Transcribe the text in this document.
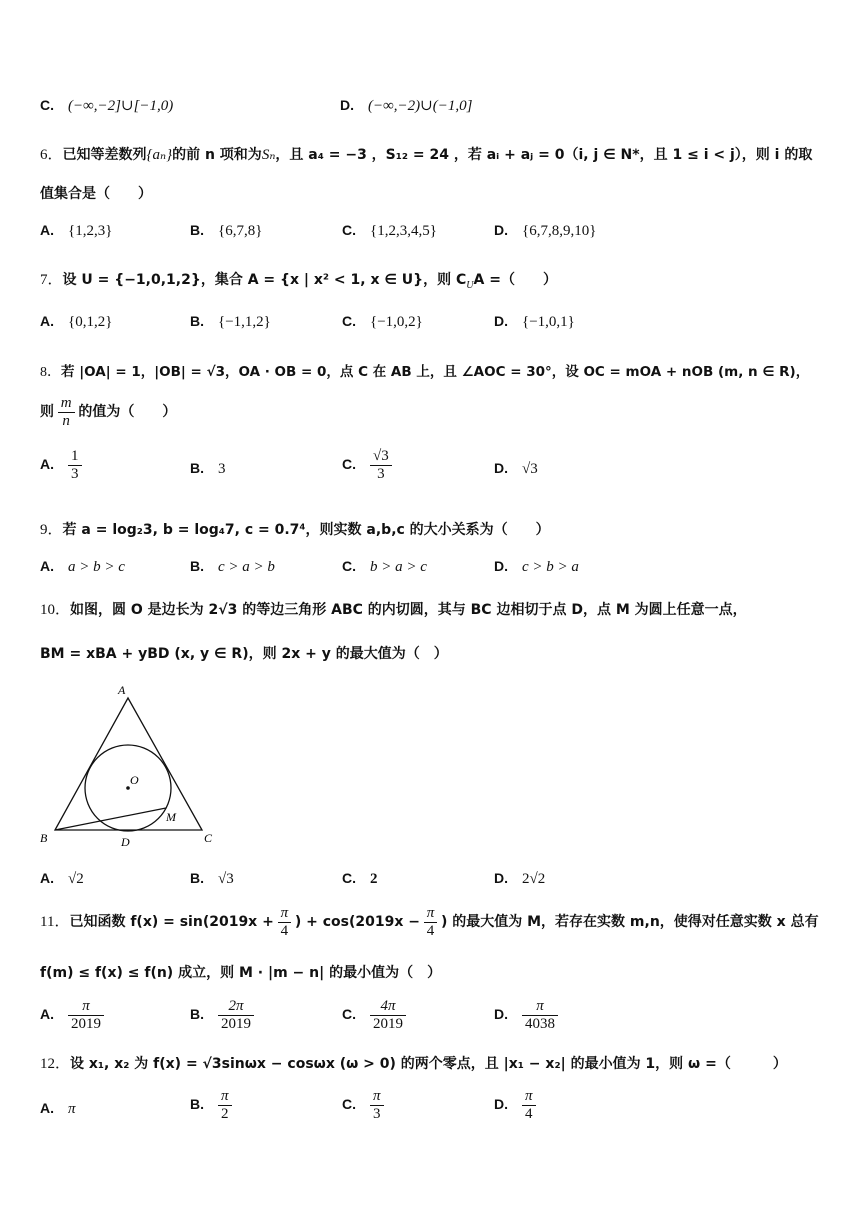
C. (−∞,−2]∪[−1,0)	D. (−∞,−2)∪(−1,0]
6．已知等差数列{aₙ}的前 n 项和为Sₙ，且 a₄ = −3 ，S₁₂ = 24 ，若 aᵢ + aⱼ = 0（i, j ∈ N*，且 1 ≤ i < j），则 i 的取
值集合是（　　）
A. {1,2,3}	B. {6,7,8}	C. {1,2,3,4,5}	D. {6,7,8,9,10}
7．设 U = {−1,0,1,2}，集合 A = {x | x² < 1, x ∈ U}，则 $C_UA$ =（　　）
A. {0,1,2}	B. {−1,1,2}	C. {−1,0,2}	D. {−1,0,1}
8．若 |OA| = 1，|OB| = √3，OA · OB = 0，点 C 在 AB 上，且 ∠AOC = 30°，设 OC = mOA + nOB (m, n ∈ R)，
则 $\frac{m}{n}$ 的值为（　　）
A. $\frac{1}{3}$	B. 3	C. $\frac{√3}{3}$	D. √3
9．若 a = log₂3, b = log₄7, c = 0.7⁴，则实数 a,b,c 的大小关系为（　　）
A. a > b > c	B. c > a > b	C. b > a > c	D. c > b > a
10．如图，圆 O 是边长为 2√3 的等边三角形 ABC 的内切圆，其与 BC 边相切于点 D，点 M 为圆上任意一点，
BM = xBA + yBD (x, y ∈ R)，则 2x + y 的最大值为（　）
A
B	C
D
O
M
A. √2	B. √3	C. 2	D. 2√2
11．已知函数 $f(x) = \sin(2019x + \frac{\pi}{4}$ ) + $\cos(2019x - \frac{\pi}{4}$ ) 的最大值为 M，若存在实数 m,n，使得对任意实数 x 总有
f(m) ≤ f(x) ≤ f(n) 成立，则 M · |m − n| 的最小值为（　）
A. $\frac{\pi}{2019}$	B. $\frac{2\pi}{2019}$	C. $\frac{4\pi}{2019}$	D. $\frac{\pi}{4038}$
12．设 x₁, x₂ 为 f(x) = √3sinωx − cosωx (ω > 0) 的两个零点，且 |x₁ − x₂| 的最小值为 1，则 ω =（　　　）
A. π	B. $\frac{\pi}{2}$	C. $\frac{\pi}{3}$	D. $\frac{\pi}{4}$
